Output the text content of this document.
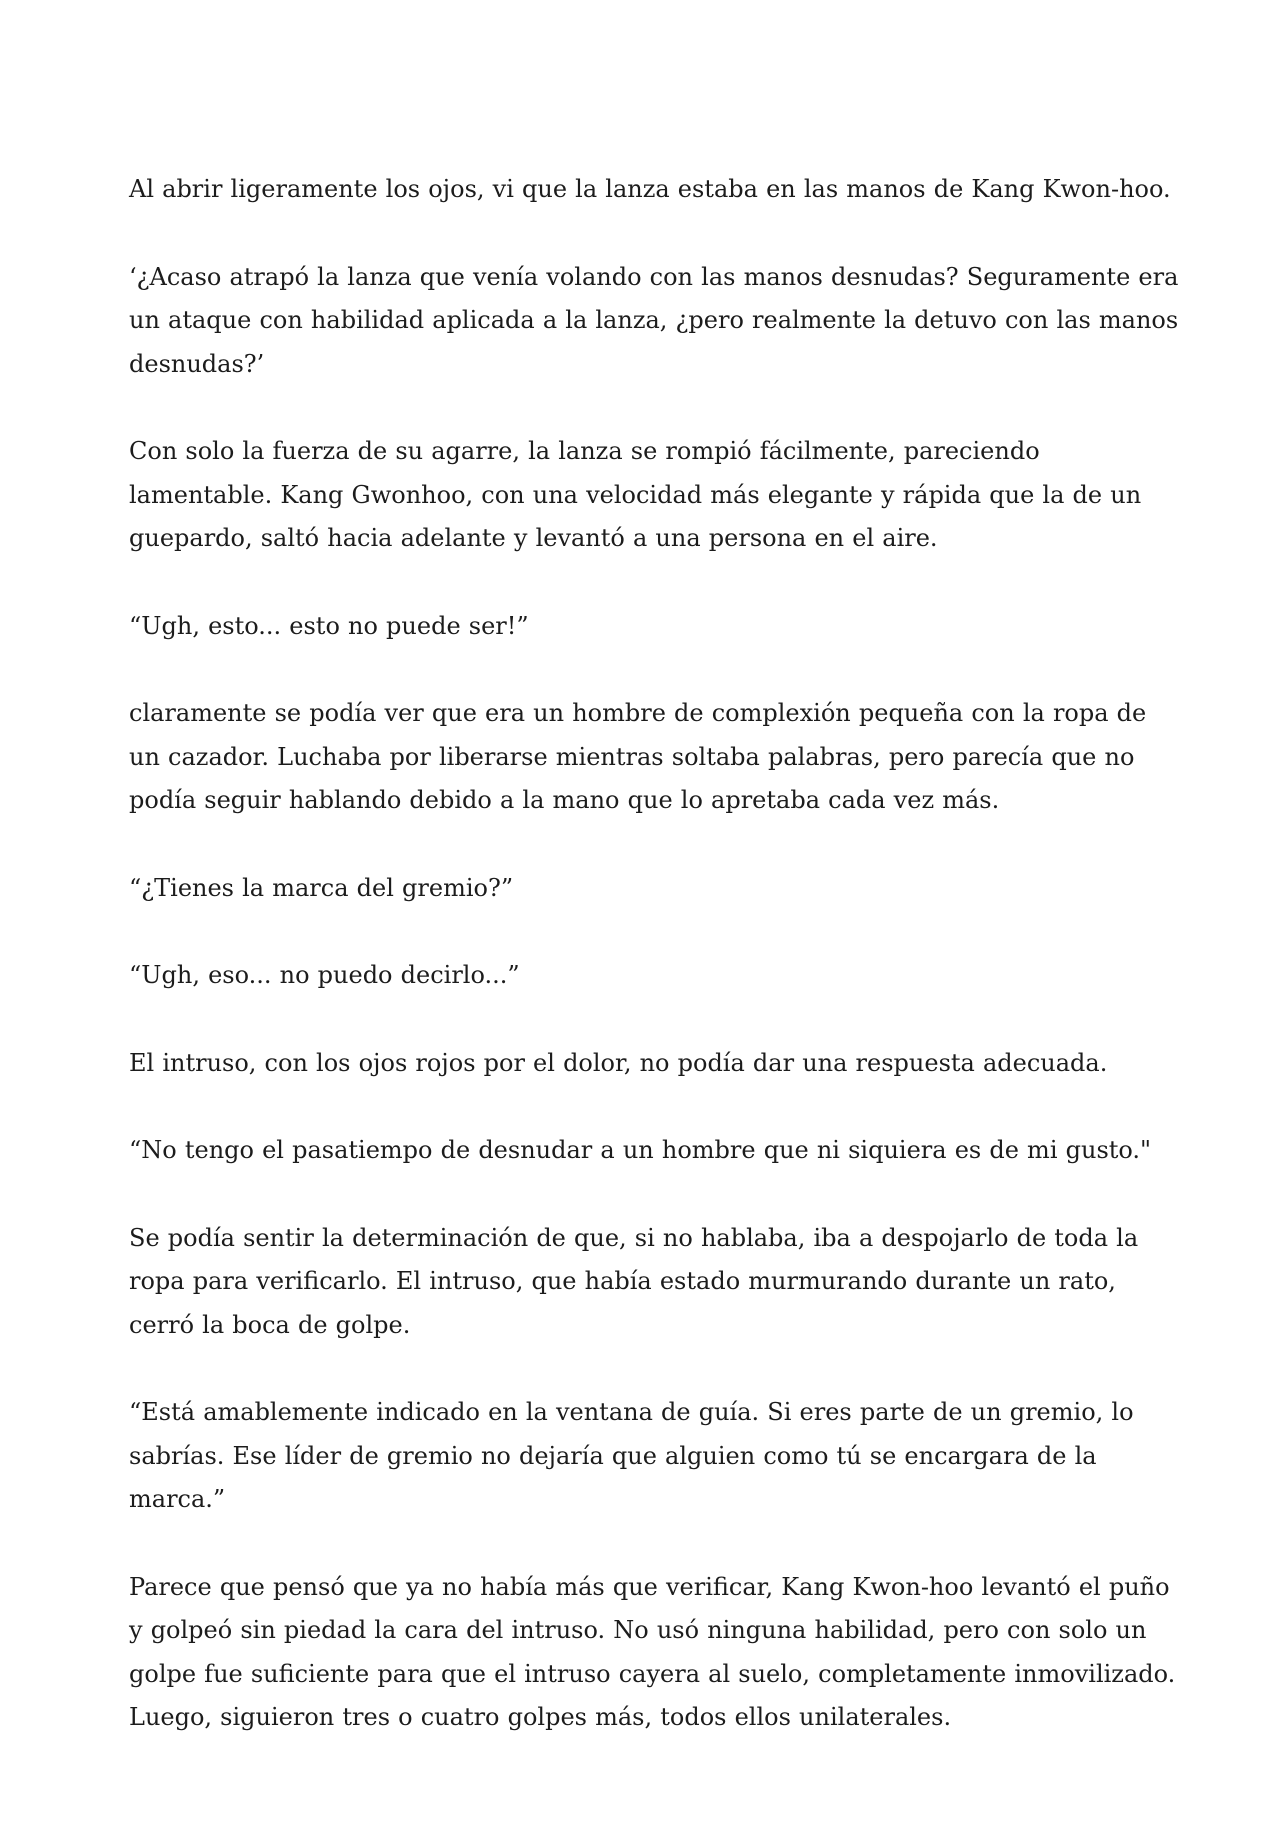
Al abrir ligeramente los ojos, vi que la lanza estaba en las manos de Kang Kwon-hoo.

‘¿Acaso atrapó la lanza que venía volando con las manos desnudas? Seguramente era un ataque con habilidad aplicada a la lanza, ¿pero realmente la detuvo con las manos desnudas?’

Con solo la fuerza de su agarre, la lanza se rompió fácilmente, pareciendo lamentable. Kang Gwonhoo, con una velocidad más elegante y rápida que la de un guepardo, saltó hacia adelante y levantó a una persona en el aire.

“Ugh, esto... esto no puede ser!”

claramente se podía ver que era un hombre de complexión pequeña con la ropa de un cazador. Luchaba por liberarse mientras soltaba palabras, pero parecía que no podía seguir hablando debido a la mano que lo apretaba cada vez más.

“¿Tienes la marca del gremio?”

“Ugh, eso... no puedo decirlo...”

El intruso, con los ojos rojos por el dolor, no podía dar una respuesta adecuada.

“No tengo el pasatiempo de desnudar a un hombre que ni siquiera es de mi gusto."

Se podía sentir la determinación de que, si no hablaba, iba a despojarlo de toda la ropa para verificarlo. El intruso, que había estado murmurando durante un rato, cerró la boca de golpe.

“Está amablemente indicado en la ventana de guía. Si eres parte de un gremio, lo sabrías. Ese líder de gremio no dejaría que alguien como tú se encargara de la marca.”

Parece que pensó que ya no había más que verificar, Kang Kwon-hoo levantó el puño y golpeó sin piedad la cara del intruso. No usó ninguna habilidad, pero con solo un golpe fue suficiente para que el intruso cayera al suelo, completamente inmovilizado. Luego, siguieron tres o cuatro golpes más, todos ellos unilaterales.
